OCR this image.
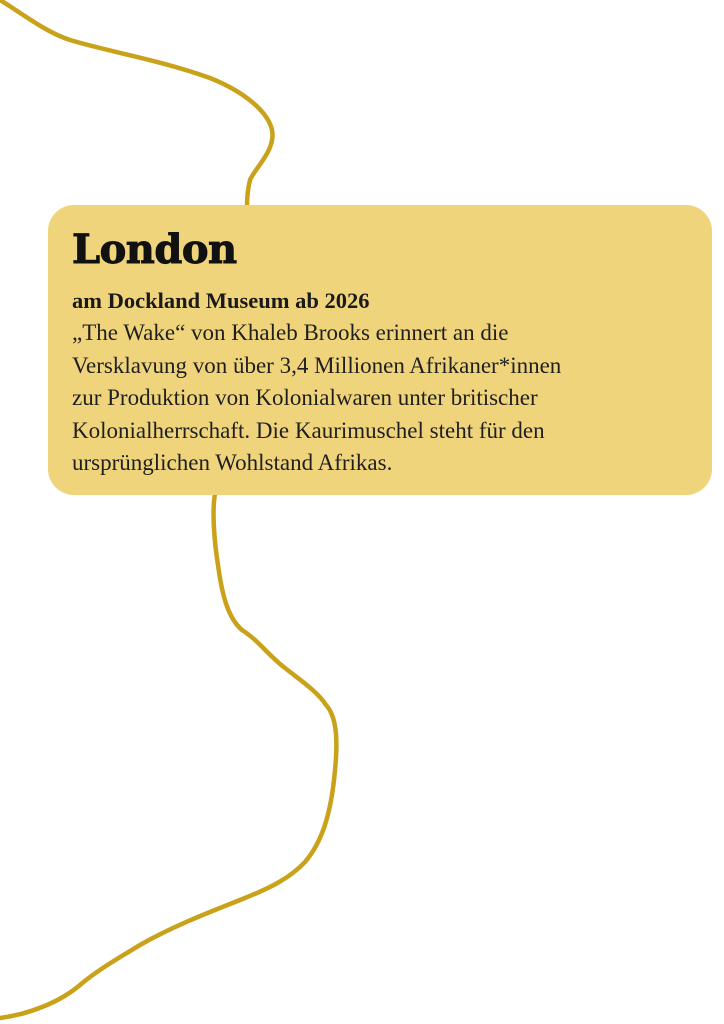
London

am Dockland Museum ab 2026

„The Wake“ von Khaleb Brooks erinnert an die
Versklavung von über 3,4 Millionen Afrikaner*innen
zur Produktion von Kolonialwaren unter britischer
Kolonialherrschaft. Die Kaurimuschel steht für den
ursprünglichen Wohlstand Afrikas.
